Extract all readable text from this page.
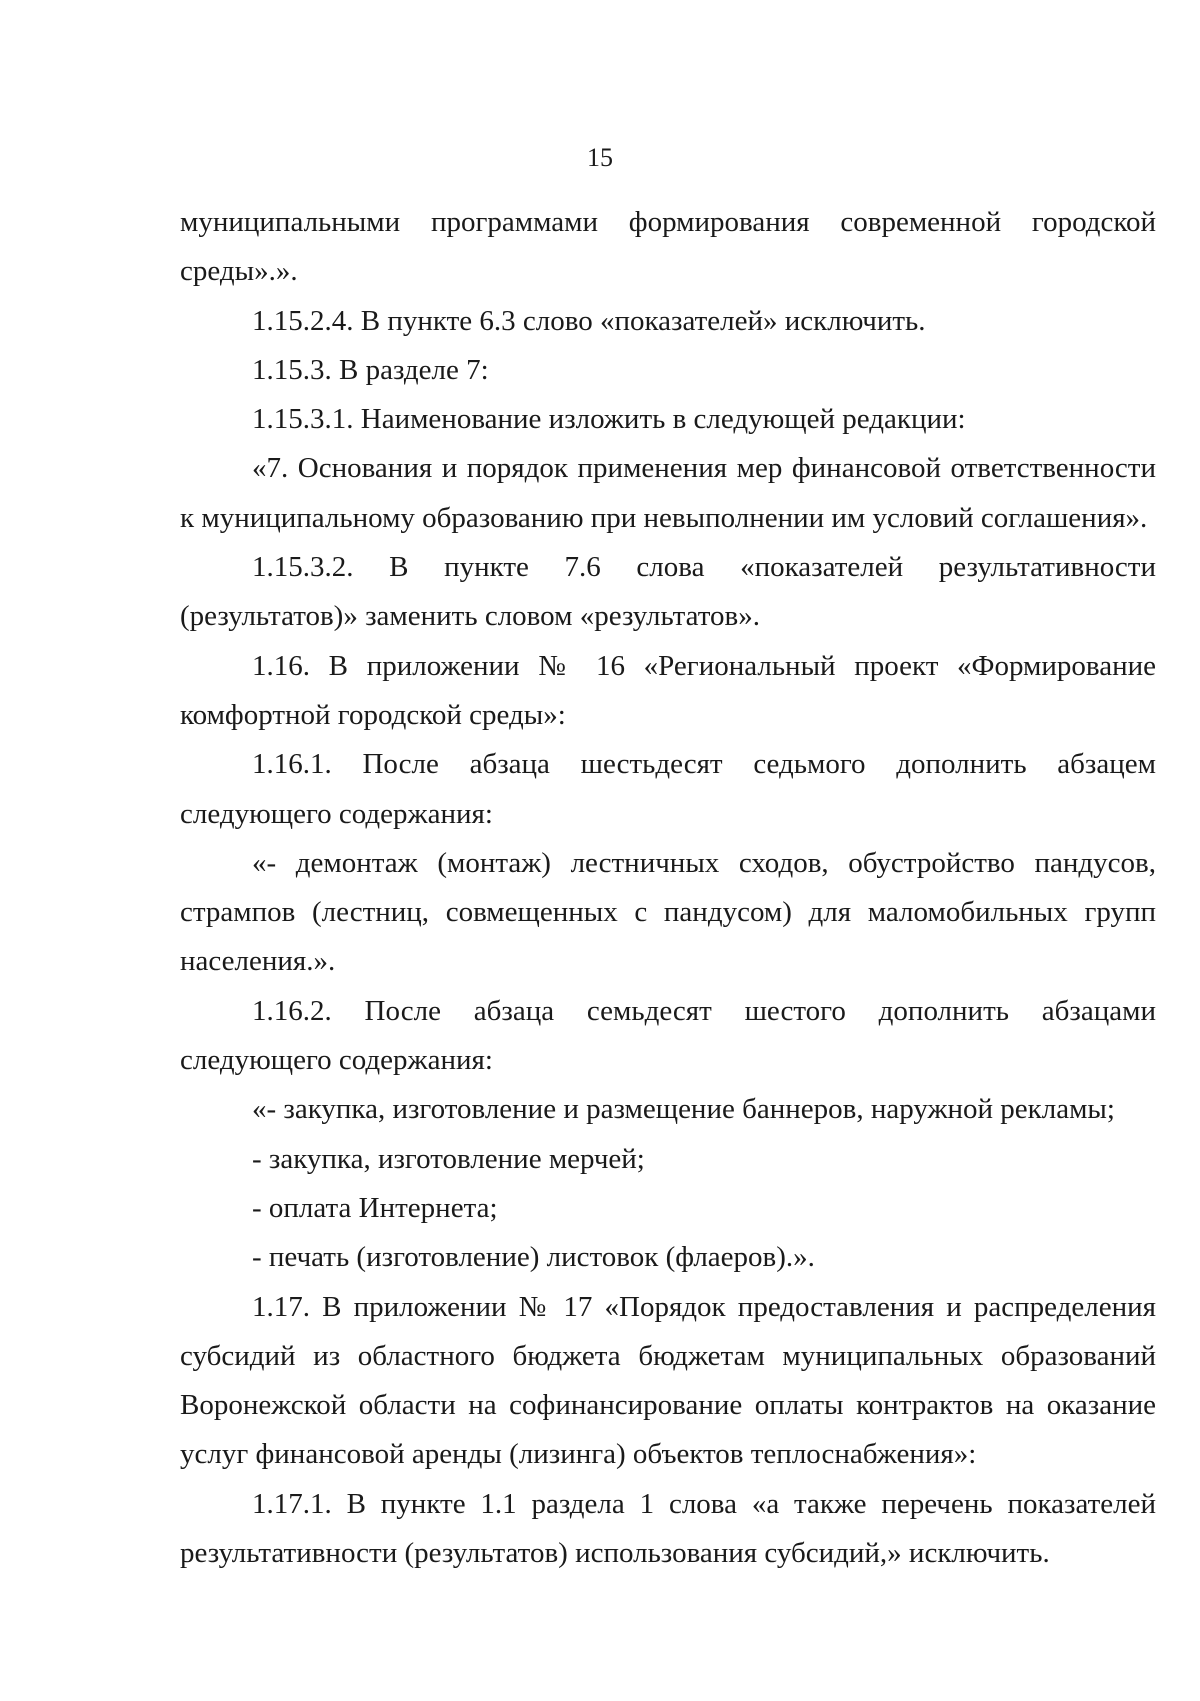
15

муниципальными программами формирования современной городской среды».».

1.15.2.4. В пункте 6.3 слово «показателей» исключить.

1.15.3. В разделе 7:

1.15.3.1. Наименование изложить в следующей редакции:

«7. Основания и порядок применения мер финансовой ответственности к муниципальному образованию при невыполнении им условий соглашения».

1.15.3.2. В пункте 7.6 слова «показателей результативности (результатов)» заменить словом «результатов».

1.16. В приложении № 16 «Региональный проект «Формирование комфортной городской среды»:

1.16.1. После абзаца шестьдесят седьмого дополнить абзацем следующего содержания:

«- демонтаж (монтаж) лестничных сходов, обустройство пандусов, стрампов (лестниц, совмещенных с пандусом) для маломобильных групп населения.».

1.16.2. После абзаца семьдесят шестого дополнить абзацами следующего содержания:

«- закупка, изготовление и размещение баннеров, наружной рекламы;

- закупка, изготовление мерчей;

- оплата Интернета;

- печать (изготовление) листовок (флаеров).».

1.17. В приложении № 17 «Порядок предоставления и распределения субсидий из областного бюджета бюджетам муниципальных образований Воронежской области на софинансирование оплаты контрактов на оказание услуг финансовой аренды (лизинга) объектов теплоснабжения»:

1.17.1. В пункте 1.1 раздела 1 слова «а также перечень показателей результативности (результатов) использования субсидий,» исключить.
